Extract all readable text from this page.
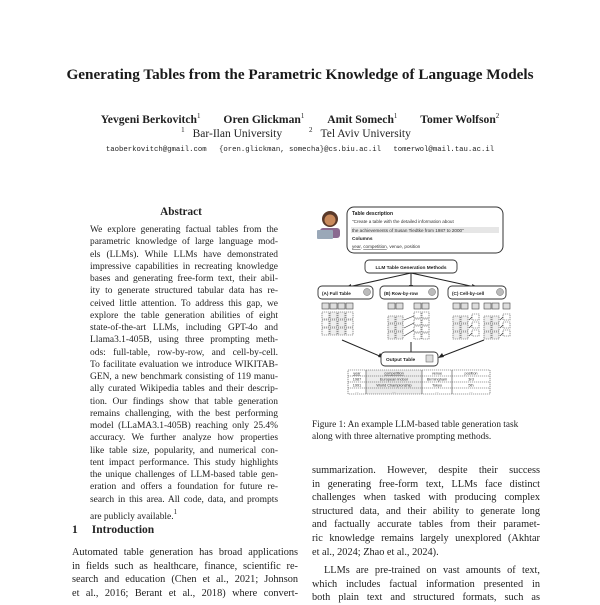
Generating Tables from the Parametric Knowledge of Language Models
Yevgeni Berkovitch$^1$ Oren Glickman$^1$ Amit Somech$^1$ Tomer Wolfson$^2$
$^1$ Bar-Ilan University	$^2$ Tel Aviv University
taoberkovitch@gmail.com {oren.glickman, somecha}@cs.biu.ac.il tomerwol@mail.tau.ac.il
Abstract
We explore generating factual tables from the
parametric knowledge of large language mod-
els (LLMs). While LLMs have demonstrated
impressive capabilities in recreating knowledge
bases and generating free-form text, their abil-
ity to generate structured tabular data has re-
ceived little attention. To address this gap, we
explore the table generation abilities of eight
state-of-the-art LLMs, including GPT-4o and
Llama3.1-405B, using three prompting meth-
ods: full-table, row-by-row, and cell-by-cell.
To facilitate evaluation we introduce WIKITAB-
GEN, a new benchmark consisting of 119 manu-
ally curated Wikipedia tables and their descrip-
tion. Our findings show that table generation
remains challenging, with the best performing
model (LLaMA3.1-405B) reaching only 25.4%
accuracy. We further analyze how properties
like table size, popularity, and numerical con-
tent impact performance. This study highlights
the unique challenges of LLM-based table gen-
eration and offers a foundation for future re-
search in this area. All code, data, and prompts
are publicly available.$^1$
1 Introduction
Automated table generation has broad applications
in fields such as healthcare, finance, scientific re-
search and education (Chen et al., 2021; Johnson
et al., 2016; Berant et al., 2018) where convert-
Table description
"Create a table with the detailed information about
the achievements of Susan Tiedtke from 1987 to 2000"
Columns
year, competition, venue, position
LLM Table Generation Methods
(A) Full Table	(B) Row-by-row	(C) Cell-by-cell
Output Table
year	competition	venue	position
1987	European Indoor	Birmingham	3rd
1991	World Championship	Tokyo	5th
...	...	...	...
Figure 1: An example LLM-based table generation task
along with three alternative prompting methods.
summarization. However, despite their success
in generating free-form text, LLMs face distinct
challenges when tasked with producing complex
structured data, and their ability to generate long
and factually accurate tables from their paramet-
ric knowledge remains largely unexplored (Akhtar
et al., 2024; Zhao et al., 2024).
LLMs are pre-trained on vast amounts of text,
which includes factual information presented in
both plain text and structured formats, such as
